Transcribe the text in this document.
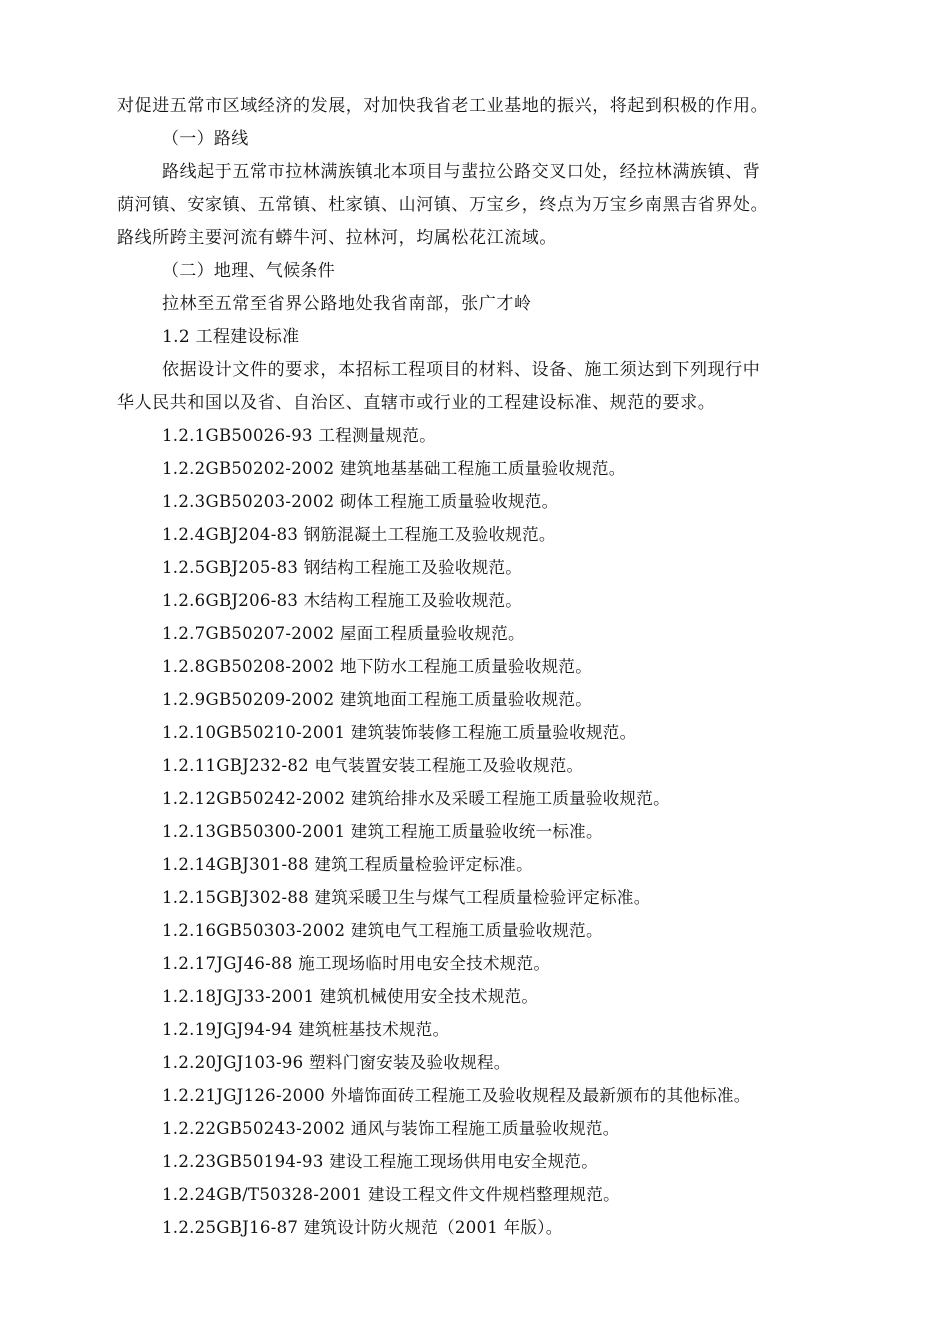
对促进五常市区域经济的发展，对加快我省老工业基地的振兴，将起到积极的作用。
（一）路线
路线起于五常市拉林满族镇北本项目与蜚拉公路交叉口处，经拉林满族镇、背
荫河镇、安家镇、五常镇、杜家镇、山河镇、万宝乡，终点为万宝乡南黑吉省界处。
路线所跨主要河流有蟒牛河、拉林河，均属松花江流域。
（二）地理、气候条件
拉林至五常至省界公路地处我省南部，张广才岭
1.2 工程建设标准
依据设计文件的要求，本招标工程项目的材料、设备、施工须达到下列现行中
华人民共和国以及省、自治区、直辖市或行业的工程建设标准、规范的要求。
1.2.1GB50026-93 工程测量规范。
1.2.2GB50202-2002 建筑地基基础工程施工质量验收规范。
1.2.3GB50203-2002 砌体工程施工质量验收规范。
1.2.4GBJ204-83 钢筋混凝土工程施工及验收规范。
1.2.5GBJ205-83 钢结构工程施工及验收规范。
1.2.6GBJ206-83 木结构工程施工及验收规范。
1.2.7GB50207-2002 屋面工程质量验收规范。
1.2.8GB50208-2002 地下防水工程施工质量验收规范。
1.2.9GB50209-2002 建筑地面工程施工质量验收规范。
1.2.10GB50210-2001 建筑装饰装修工程施工质量验收规范。
1.2.11GBJ232-82 电气装置安装工程施工及验收规范。
1.2.12GB50242-2002 建筑给排水及采暖工程施工质量验收规范。
1.2.13GB50300-2001 建筑工程施工质量验收统一标准。
1.2.14GBJ301-88 建筑工程质量检验评定标准。
1.2.15GBJ302-88 建筑采暖卫生与煤气工程质量检验评定标准。
1.2.16GB50303-2002 建筑电气工程施工质量验收规范。
1.2.17JGJ46-88 施工现场临时用电安全技术规范。
1.2.18JGJ33-2001 建筑机械使用安全技术规范。
1.2.19JGJ94-94 建筑桩基技术规范。
1.2.20JGJ103-96 塑料门窗安装及验收规程。
1.2.21JGJ126-2000 外墙饰面砖工程施工及验收规程及最新颁布的其他标准。
1.2.22GB50243-2002 通风与装饰工程施工质量验收规范。
1.2.23GB50194-93 建设工程施工现场供用电安全规范。
1.2.24GB/T50328-2001 建设工程文件文件规档整理规范。
1.2.25GBJ16-87 建筑设计防火规范（2001 年版）。
